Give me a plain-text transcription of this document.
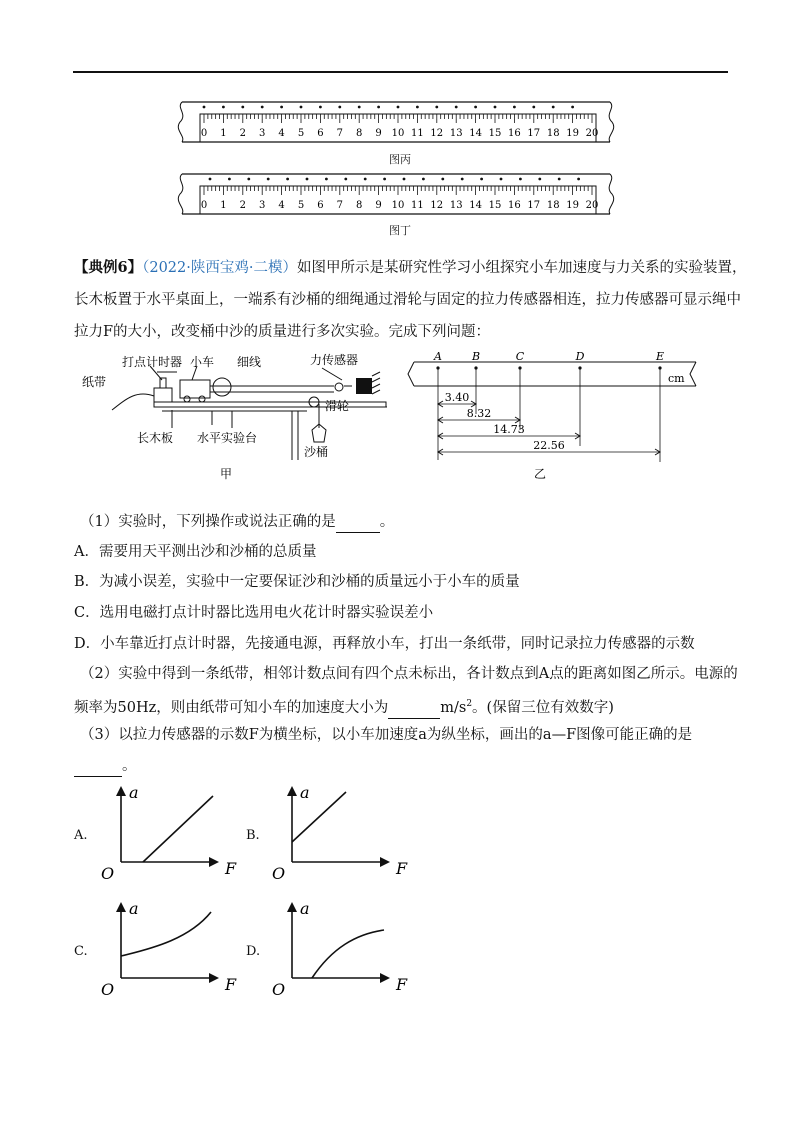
0 1 2 3 4 5 6 7 8 9 10 11 12 13 14 15 16 17 18 19 20
图丙
0 1 2 3 4 5 6 7 8 9 10 11 12 13 14 15 16 17 18 19 20
图丁
【典例6】（2022·陕西宝鸡·二模）如图甲所示是某研究性学习小组探究小车加速度与力关系的实验装置，
长木板置于水平桌面上，一端系有沙桶的细绳通过滑轮与固定的拉力传感器相连，拉力传感器可显示绳中
拉力F的大小，改变桶中沙的质量进行多次实验。完成下列问题：
打点计时器 小车 细线	力传感器
纸带
滑轮
长木板 水平实验台
沙桶
甲
A	B	C	D	E
3.40
8.32
14.73
22.56
cm
乙
（1）实验时，下列操作或说法正确的是	。
A．需要用天平测出沙和沙桶的总质量
B．为减小误差，实验中一定要保证沙和沙桶的质量远小于小车的质量
C．选用电磁打点计时器比选用电火花计时器实验误差小
D．小车靠近打点计时器，先接通电源，再释放小车，打出一条纸带，同时记录拉力传感器的示数
（2）实验中得到一条纸带，相邻计数点间有四个点未标出，各计数点到A点的距离如图乙所示。电源的
频率为50Hz，则由纸带可知小车的加速度大小为	$m/s^2$。(保留三位有效数字)
（3）以拉力传感器的示数F为横坐标，以小车加速度a为纵坐标，画出的a—F图像可能正确的是
。
A.	B.
C.	D.
a
F
O
a
F
O
a
F
O
a
F
O
